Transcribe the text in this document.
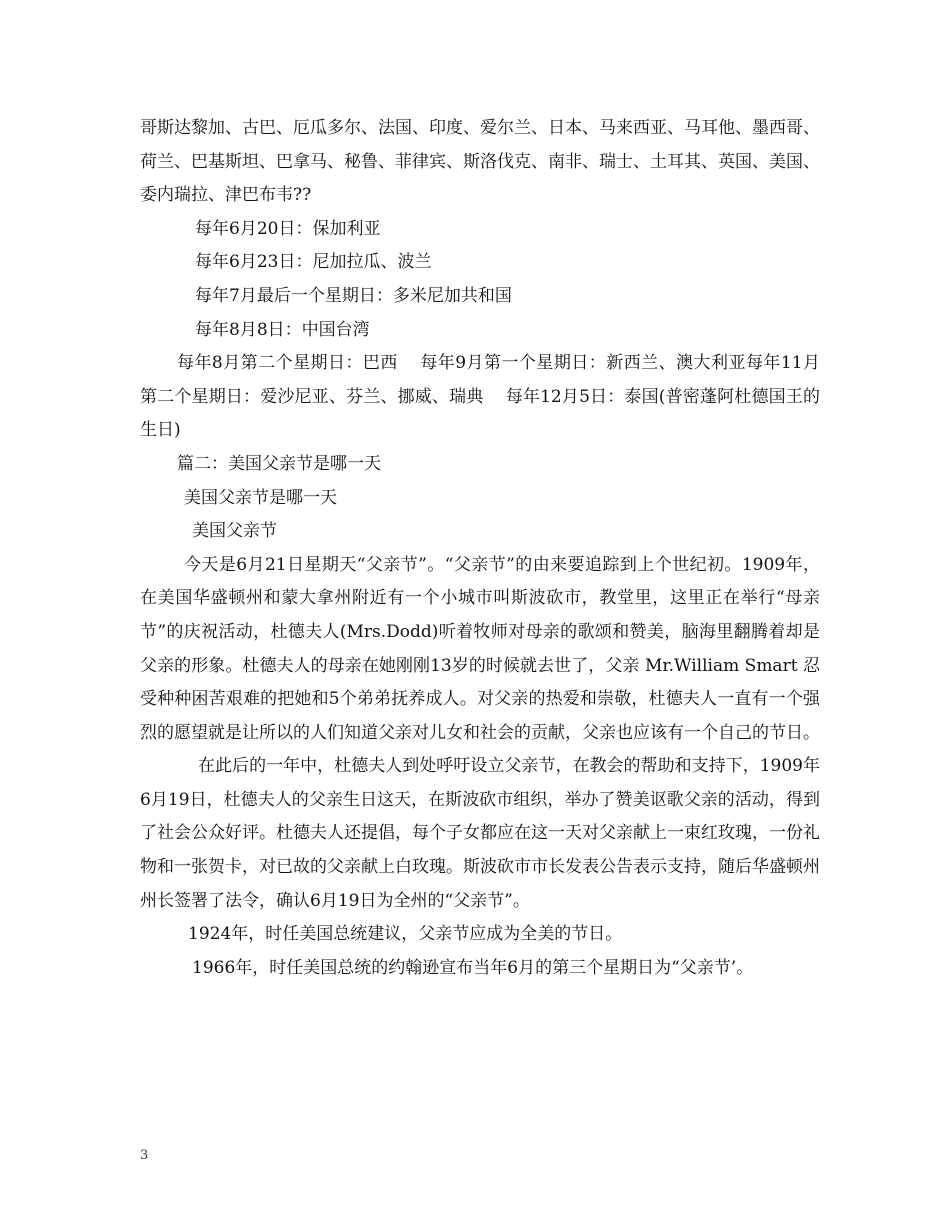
哥斯达黎加、古巴、厄瓜多尔、法国、印度、爱尔兰、日本、马来西亚、马耳他、墨西哥、荷兰、巴基斯坦、巴拿马、秘鲁、菲律宾、斯洛伐克、南非、瑞士、土耳其、英国、美国、委内瑞拉、津巴布韦??

每年6月20日：保加利亚

每年6月23日：尼加拉瓜、波兰

每年7月最后一个星期日：多米尼加共和国

每年8月8日：中国台湾

每年8月第二个星期日：巴西 每年9月第一个星期日：新西兰、澳大利亚每年11月第二个星期日：爱沙尼亚、芬兰、挪威、瑞典 每年12月5日：泰国(普密蓬阿杜德国王的生日)

篇二：美国父亲节是哪一天

美国父亲节是哪一天

美国父亲节

今天是6月21日星期天“父亲节”。“父亲节”的由来要追踪到上个世纪初。1909年，在美国华盛顿州和蒙大拿州附近有一个小城市叫斯波砍市，教堂里，这里正在举行“母亲节”的庆祝活动，杜德夫人(Mrs.Dodd)听着牧师对母亲的歌颂和赞美，脑海里翻腾着却是父亲的形象。杜德夫人的母亲在她刚刚13岁的时候就去世了，父亲 Mr.William Smart 忍受种种困苦艰难的把她和5个弟弟抚养成人。对父亲的热爱和崇敬，杜德夫人一直有一个强烈的愿望就是让所以的人们知道父亲对儿女和社会的贡献，父亲也应该有一个自己的节日。

在此后的一年中，杜德夫人到处呼吁设立父亲节，在教会的帮助和支持下，1909年6月19日，杜德夫人的父亲生日这天，在斯波砍市组织，举办了赞美讴歌父亲的活动，得到了社会公众好评。杜德夫人还提倡，每个子女都应在这一天对父亲献上一束红玫瑰，一份礼物和一张贺卡，对已故的父亲献上白玫瑰。斯波砍市市长发表公告表示支持，随后华盛顿州州长签署了法令，确认6月19日为全州的“父亲节”。

1924年，时任美国总统建议，父亲节应成为全美的节日。

1966年，时任美国总统的约翰逊宣布当年6月的第三个星期日为“父亲节’。

3
